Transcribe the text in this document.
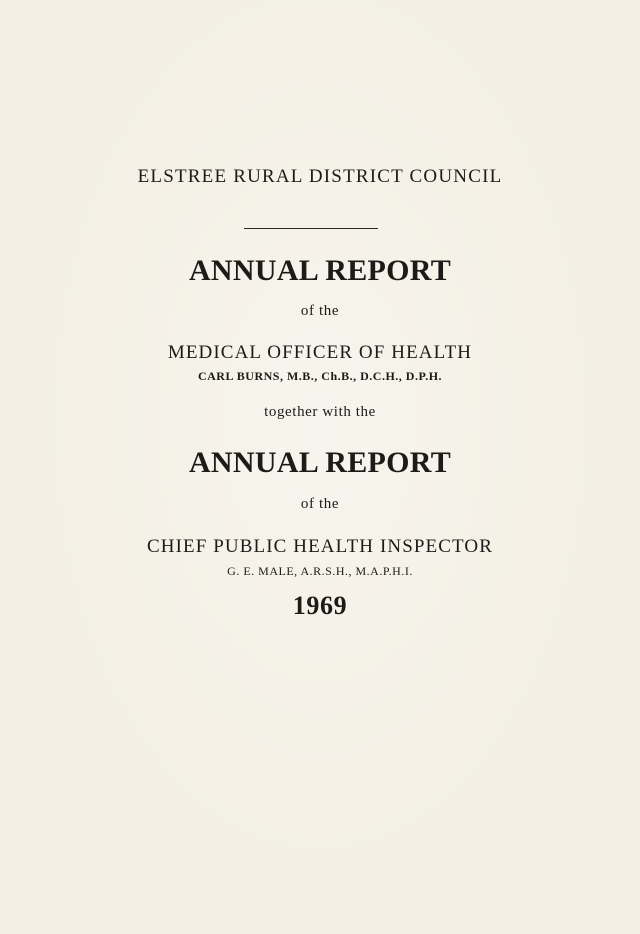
ELSTREE RURAL DISTRICT COUNCIL
ANNUAL REPORT
of the
MEDICAL OFFICER OF HEALTH
CARL BURNS, M.B., Ch.B., D.C.H., D.P.H.
together with the
ANNUAL REPORT
of the
CHIEF PUBLIC HEALTH INSPECTOR
G. E. MALE, A.R.S.H., M.A.P.H.I.
1969
